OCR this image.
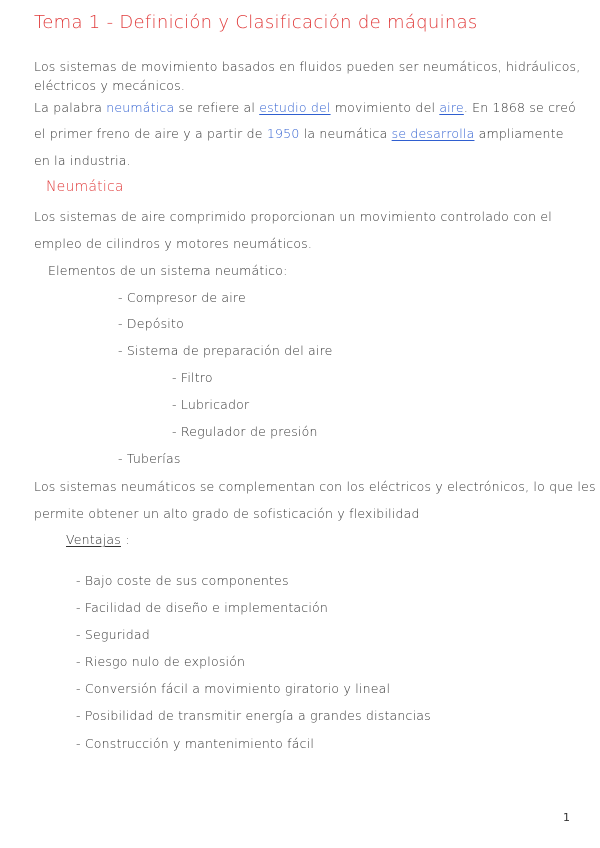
Tema 1 - Definición y Clasificación de máquinas
Los sistemas de movimiento basados en fluidos pueden ser neumáticos, hidráulicos,
eléctricos y mecánicos.
La palabra neumática se refiere al estudio del movimiento del aire. En 1868 se creó
el primer freno de aire y a partir de 1950 la neumática se desarrolla ampliamente
en la industria.
Neumática
Los sistemas de aire comprimido proporcionan un movimiento controlado con el
empleo de cilindros y motores neumáticos.
Elementos de un sistema neumático:
- Compresor de aire
- Depósito
- Sistema de preparación del aire
- Filtro
- Lubricador
- Regulador de presión
- Tuberías
Los sistemas neumáticos se complementan con los eléctricos y electrónicos, lo que les
permite obtener un alto grado de sofisticación y flexibilidad
Ventajas :
- Bajo coste de sus componentes
- Facilidad de diseño e implementación
- Seguridad
- Riesgo nulo de explosión
- Conversión fácil a movimiento giratorio y lineal
- Posibilidad de transmitir energía a grandes distancias
- Construcción y mantenimiento fácil
1
